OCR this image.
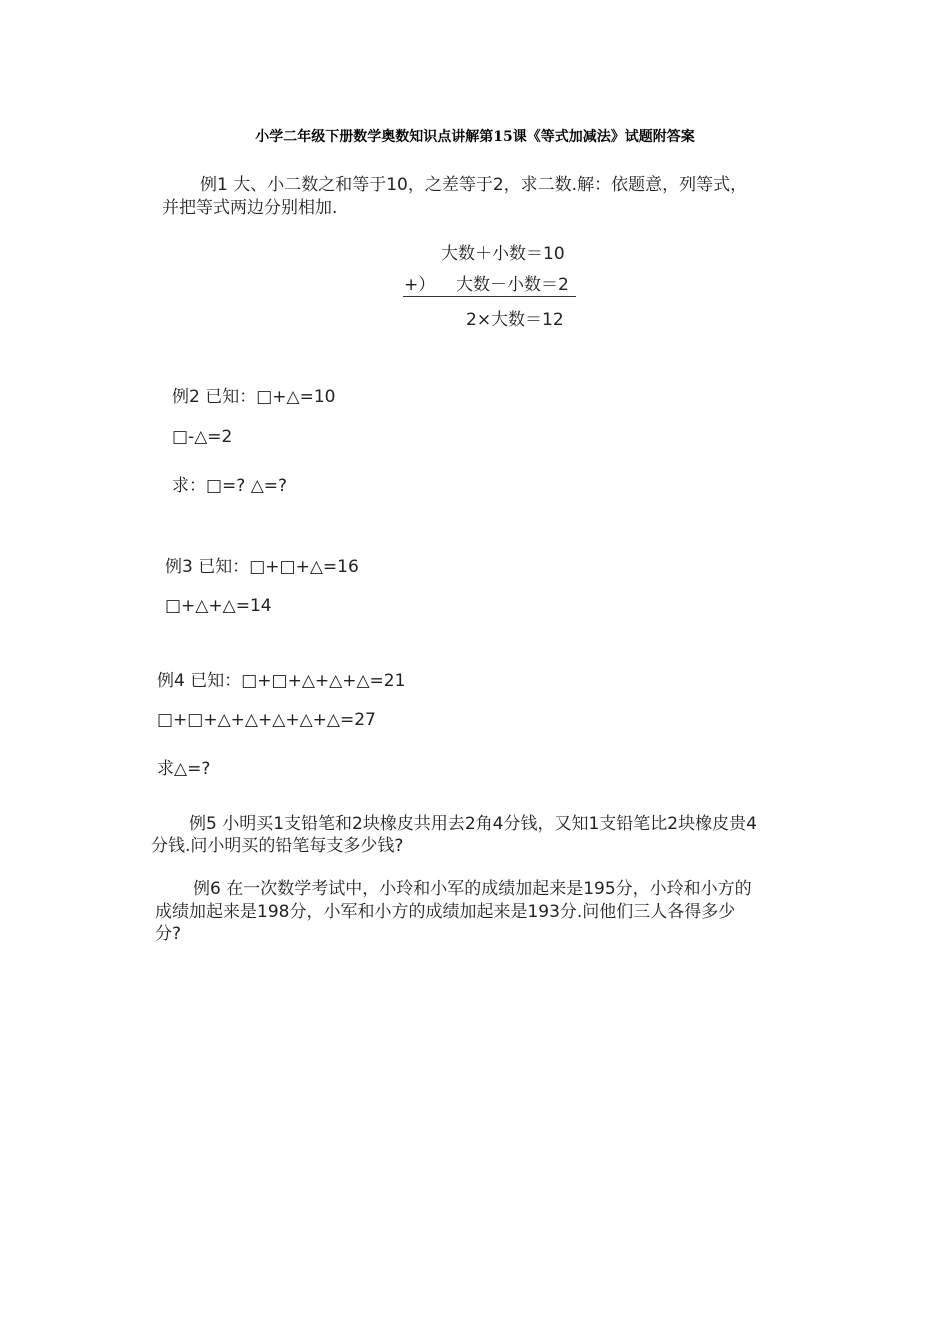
小学二年级下册数学奥数知识点讲解第15课《等式加减法》试题附答案
例1 大、小二数之和等于10，之差等于2，求二数.解：依题意，列等式，
并把等式两边分别相加.
大数＋小数＝10
+） 大数－小数＝2
2×大数＝12
例2 已知：□+△=10
□-△=2
求：□=? △=?
例3 已知：□+□+△=16
□+△+△=14
例4 已知：□+□+△+△+△=21
□+□+△+△+△+△+△=27
求△=?
例5 小明买1支铅笔和2块橡皮共用去2角4分钱，又知1支铅笔比2块橡皮贵4
分钱.问小明买的铅笔每支多少钱?
例6 在一次数学考试中，小玲和小军的成绩加起来是195分，小玲和小方的
成绩加起来是198分，小军和小方的成绩加起来是193分.问他们三人各得多少
分?
